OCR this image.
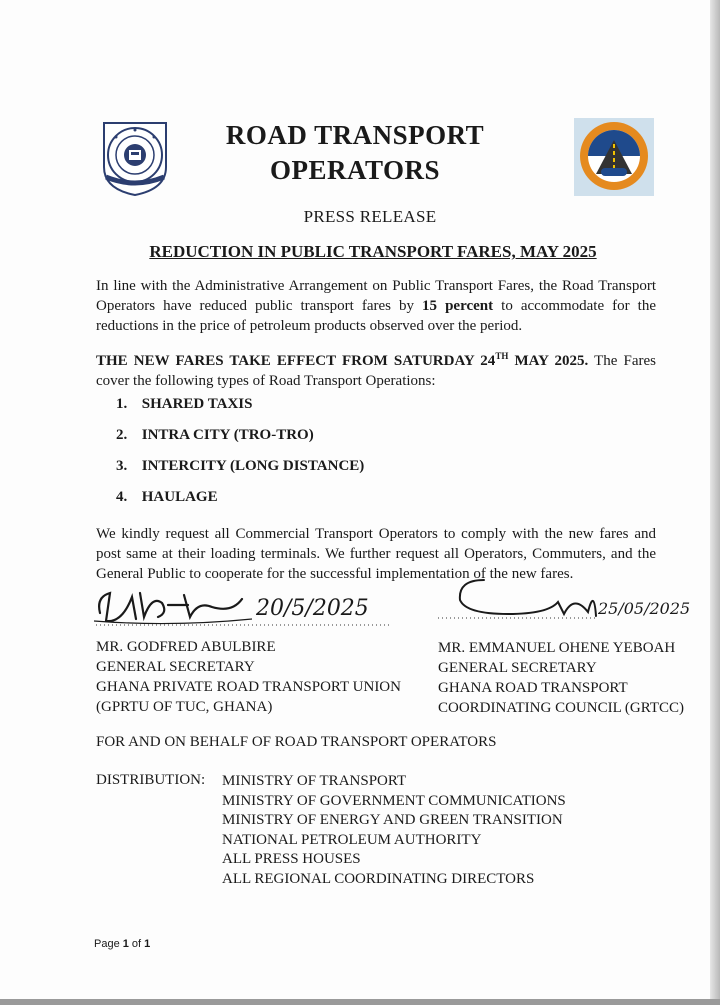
ROAD TRANSPORT
OPERATORS
PRESS RELEASE
REDUCTION IN PUBLIC TRANSPORT FARES, MAY 2025
In line with the Administrative Arrangement on Public Transport Fares, the Road Transport Operators have reduced public transport fares by 15 percent to accommodate for the reductions in the price of petroleum products observed over the period.
THE NEW FARES TAKE EFFECT FROM SATURDAY 24TH MAY 2025. The Fares cover the following types of Road Transport Operations:
1. SHARED TAXIS
2. INTRA CITY (TRO-TRO)
3. INTERCITY (LONG DISTANCE)
4. HAULAGE
We kindly request all Commercial Transport Operators to comply with the new fares and post same at their loading terminals. We further request all Operators, Commuters, and the General Public to cooperate for the successful implementation of the new fares.
20/5/2025	25/05/2025
MR. GODFRED ABULBIRE
GENERAL SECRETARY
GHANA PRIVATE ROAD TRANSPORT UNION
(GPRTU OF TUC, GHANA)
MR. EMMANUEL OHENE YEBOAH
GENERAL SECRETARY
GHANA ROAD TRANSPORT
COORDINATING COUNCIL (GRTCC)
FOR AND ON BEHALF OF ROAD TRANSPORT OPERATORS
DISTRIBUTION: MINISTRY OF TRANSPORT
MINISTRY OF GOVERNMENT COMMUNICATIONS
MINISTRY OF ENERGY AND GREEN TRANSITION
NATIONAL PETROLEUM AUTHORITY
ALL PRESS HOUSES
ALL REGIONAL COORDINATING DIRECTORS
Page 1 of 1
